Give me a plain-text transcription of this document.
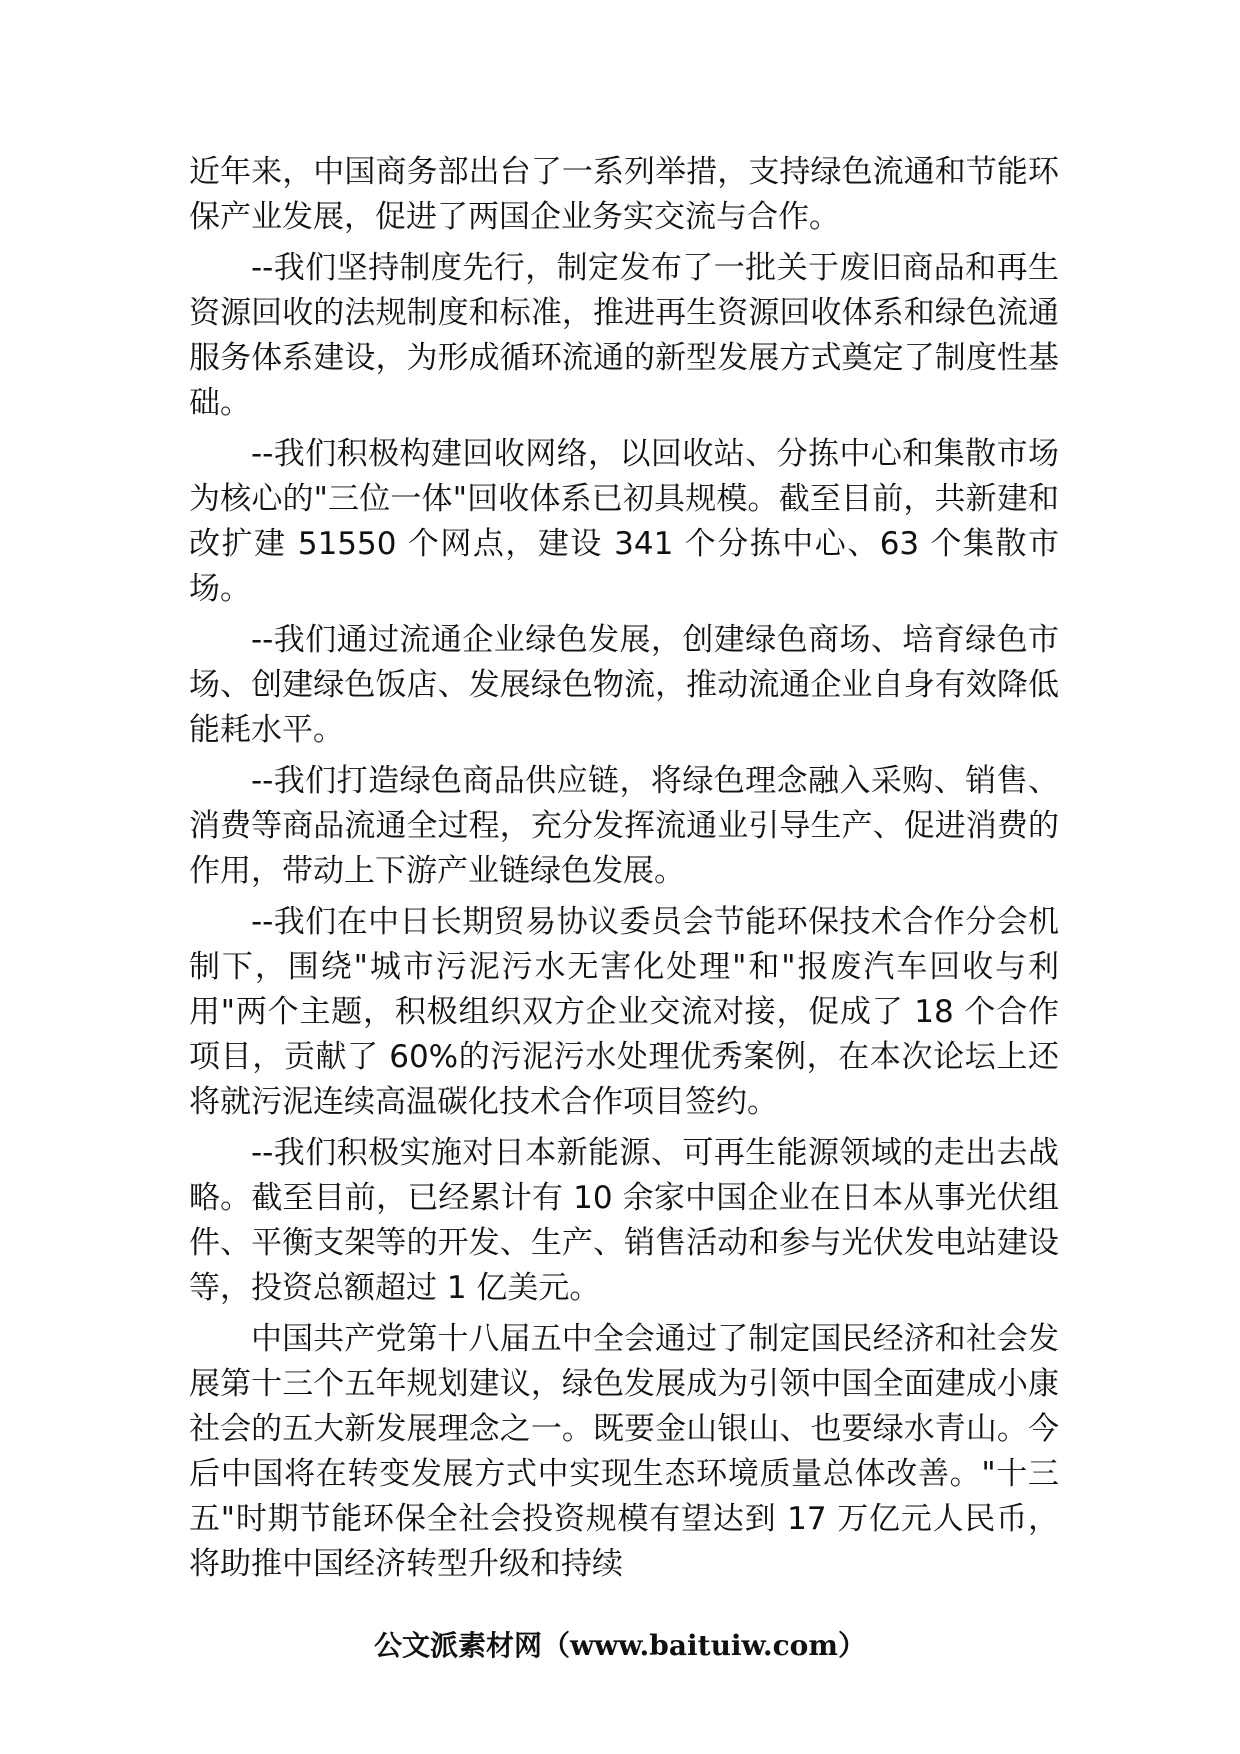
近年来，中国商务部出台了一系列举措，支持绿色流通和节能环保产业发展，促进了两国企业务实交流与合作。

--我们坚持制度先行，制定发布了一批关于废旧商品和再生资源回收的法规制度和标准，推进再生资源回收体系和绿色流通服务体系建设，为形成循环流通的新型发展方式奠定了制度性基础。

--我们积极构建回收网络，以回收站、分拣中心和集散市场为核心的"三位一体"回收体系已初具规模。截至目前，共新建和改扩建 51550 个网点，建设 341 个分拣中心、63 个集散市场。

--我们通过流通企业绿色发展，创建绿色商场、培育绿色市场、创建绿色饭店、发展绿色物流，推动流通企业自身有效降低能耗水平。

--我们打造绿色商品供应链，将绿色理念融入采购、销售、消费等商品流通全过程，充分发挥流通业引导生产、促进消费的作用，带动上下游产业链绿色发展。

--我们在中日长期贸易协议委员会节能环保技术合作分会机制下，围绕"城市污泥污水无害化处理"和"报废汽车回收与利用"两个主题，积极组织双方企业交流对接，促成了 18 个合作项目，贡献了 60%的污泥污水处理优秀案例，在本次论坛上还将就污泥连续高温碳化技术合作项目签约。

--我们积极实施对日本新能源、可再生能源领域的走出去战略。截至目前，已经累计有 10 余家中国企业在日本从事光伏组件、平衡支架等的开发、生产、销售活动和参与光伏发电站建设等，投资总额超过 1 亿美元。

中国共产党第十八届五中全会通过了制定国民经济和社会发展第十三个五年规划建议，绿色发展成为引领中国全面建成小康社会的五大新发展理念之一。既要金山银山、也要绿水青山。今后中国将在转变发展方式中实现生态环境质量总体改善。"十三五"时期节能环保全社会投资规模有望达到 17 万亿元人民币，将助推中国经济转型升级和持续

公文派素材网（www.baituiw.com）
